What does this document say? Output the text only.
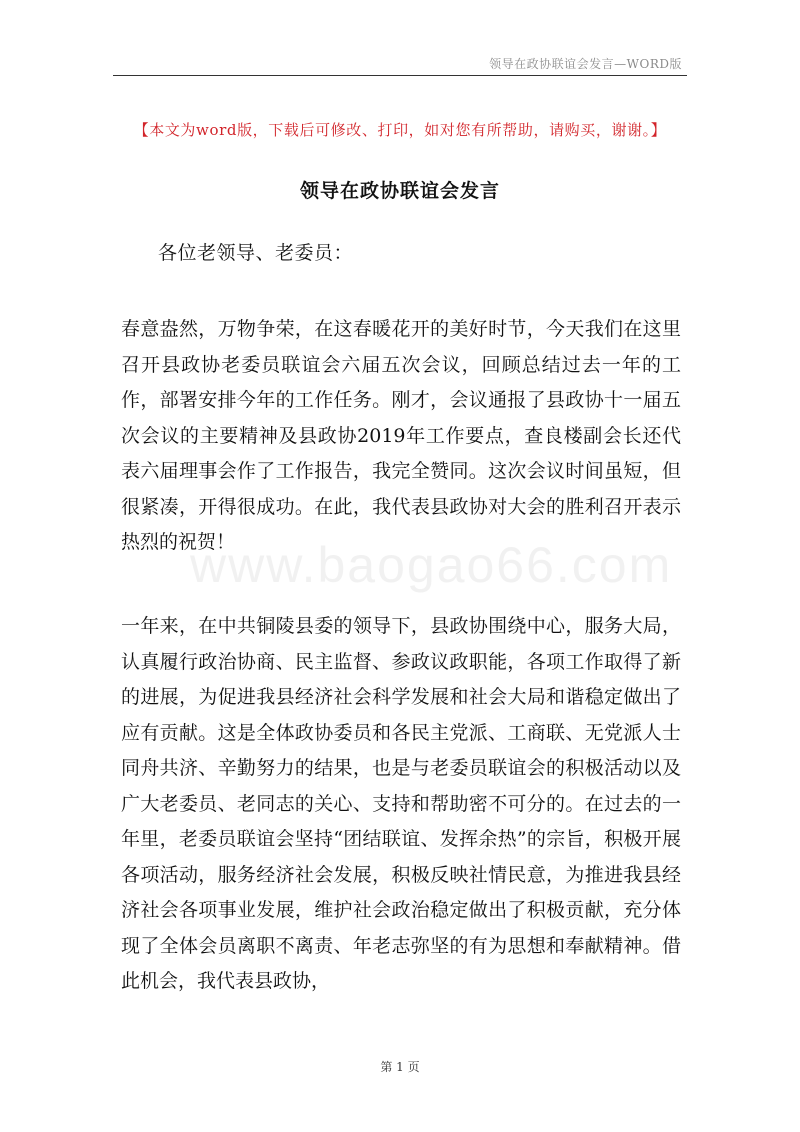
领导在政协联谊会发言—WORD版
【本文为word版，下载后可修改、打印，如对您有所帮助，请购买，谢谢。】
领导在政协联谊会发言
各位老领导、老委员：

春意盎然，万物争荣，在这春暖花开的美好时节，今天我们在这里召开县政协老委员联谊会六届五次会议，回顾总结过去一年的工作，部署安排今年的工作任务。刚才，会议通报了县政协十一届五次会议的主要精神及县政协2019年工作要点，查良楼副会长还代表六届理事会作了工作报告，我完全赞同。这次会议时间虽短，但很紧凑，开得很成功。在此，我代表县政协对大会的胜利召开表示热烈的祝贺！

www.baogao66.com

一年来，在中共铜陵县委的领导下，县政协围绕中心，服务大局，认真履行政治协商、民主监督、参政议政职能，各项工作取得了新的进展，为促进我县经济社会科学发展和社会大局和谐稳定做出了应有贡献。这是全体政协委员和各民主党派、工商联、无党派人士同舟共济、辛勤努力的结果，也是与老委员联谊会的积极活动以及广大老委员、老同志的关心、支持和帮助密不可分的。在过去的一年里，老委员联谊会坚持“团结联谊、发挥余热”的宗旨，积极开展各项活动，服务经济社会发展，积极反映社情民意，为推进我县经济社会各项事业发展，维护社会政治稳定做出了积极贡献，充分体现了全体会员离职不离责、年老志弥坚的有为思想和奉献精神。借此机会，我代表县政协，

第 1 页
